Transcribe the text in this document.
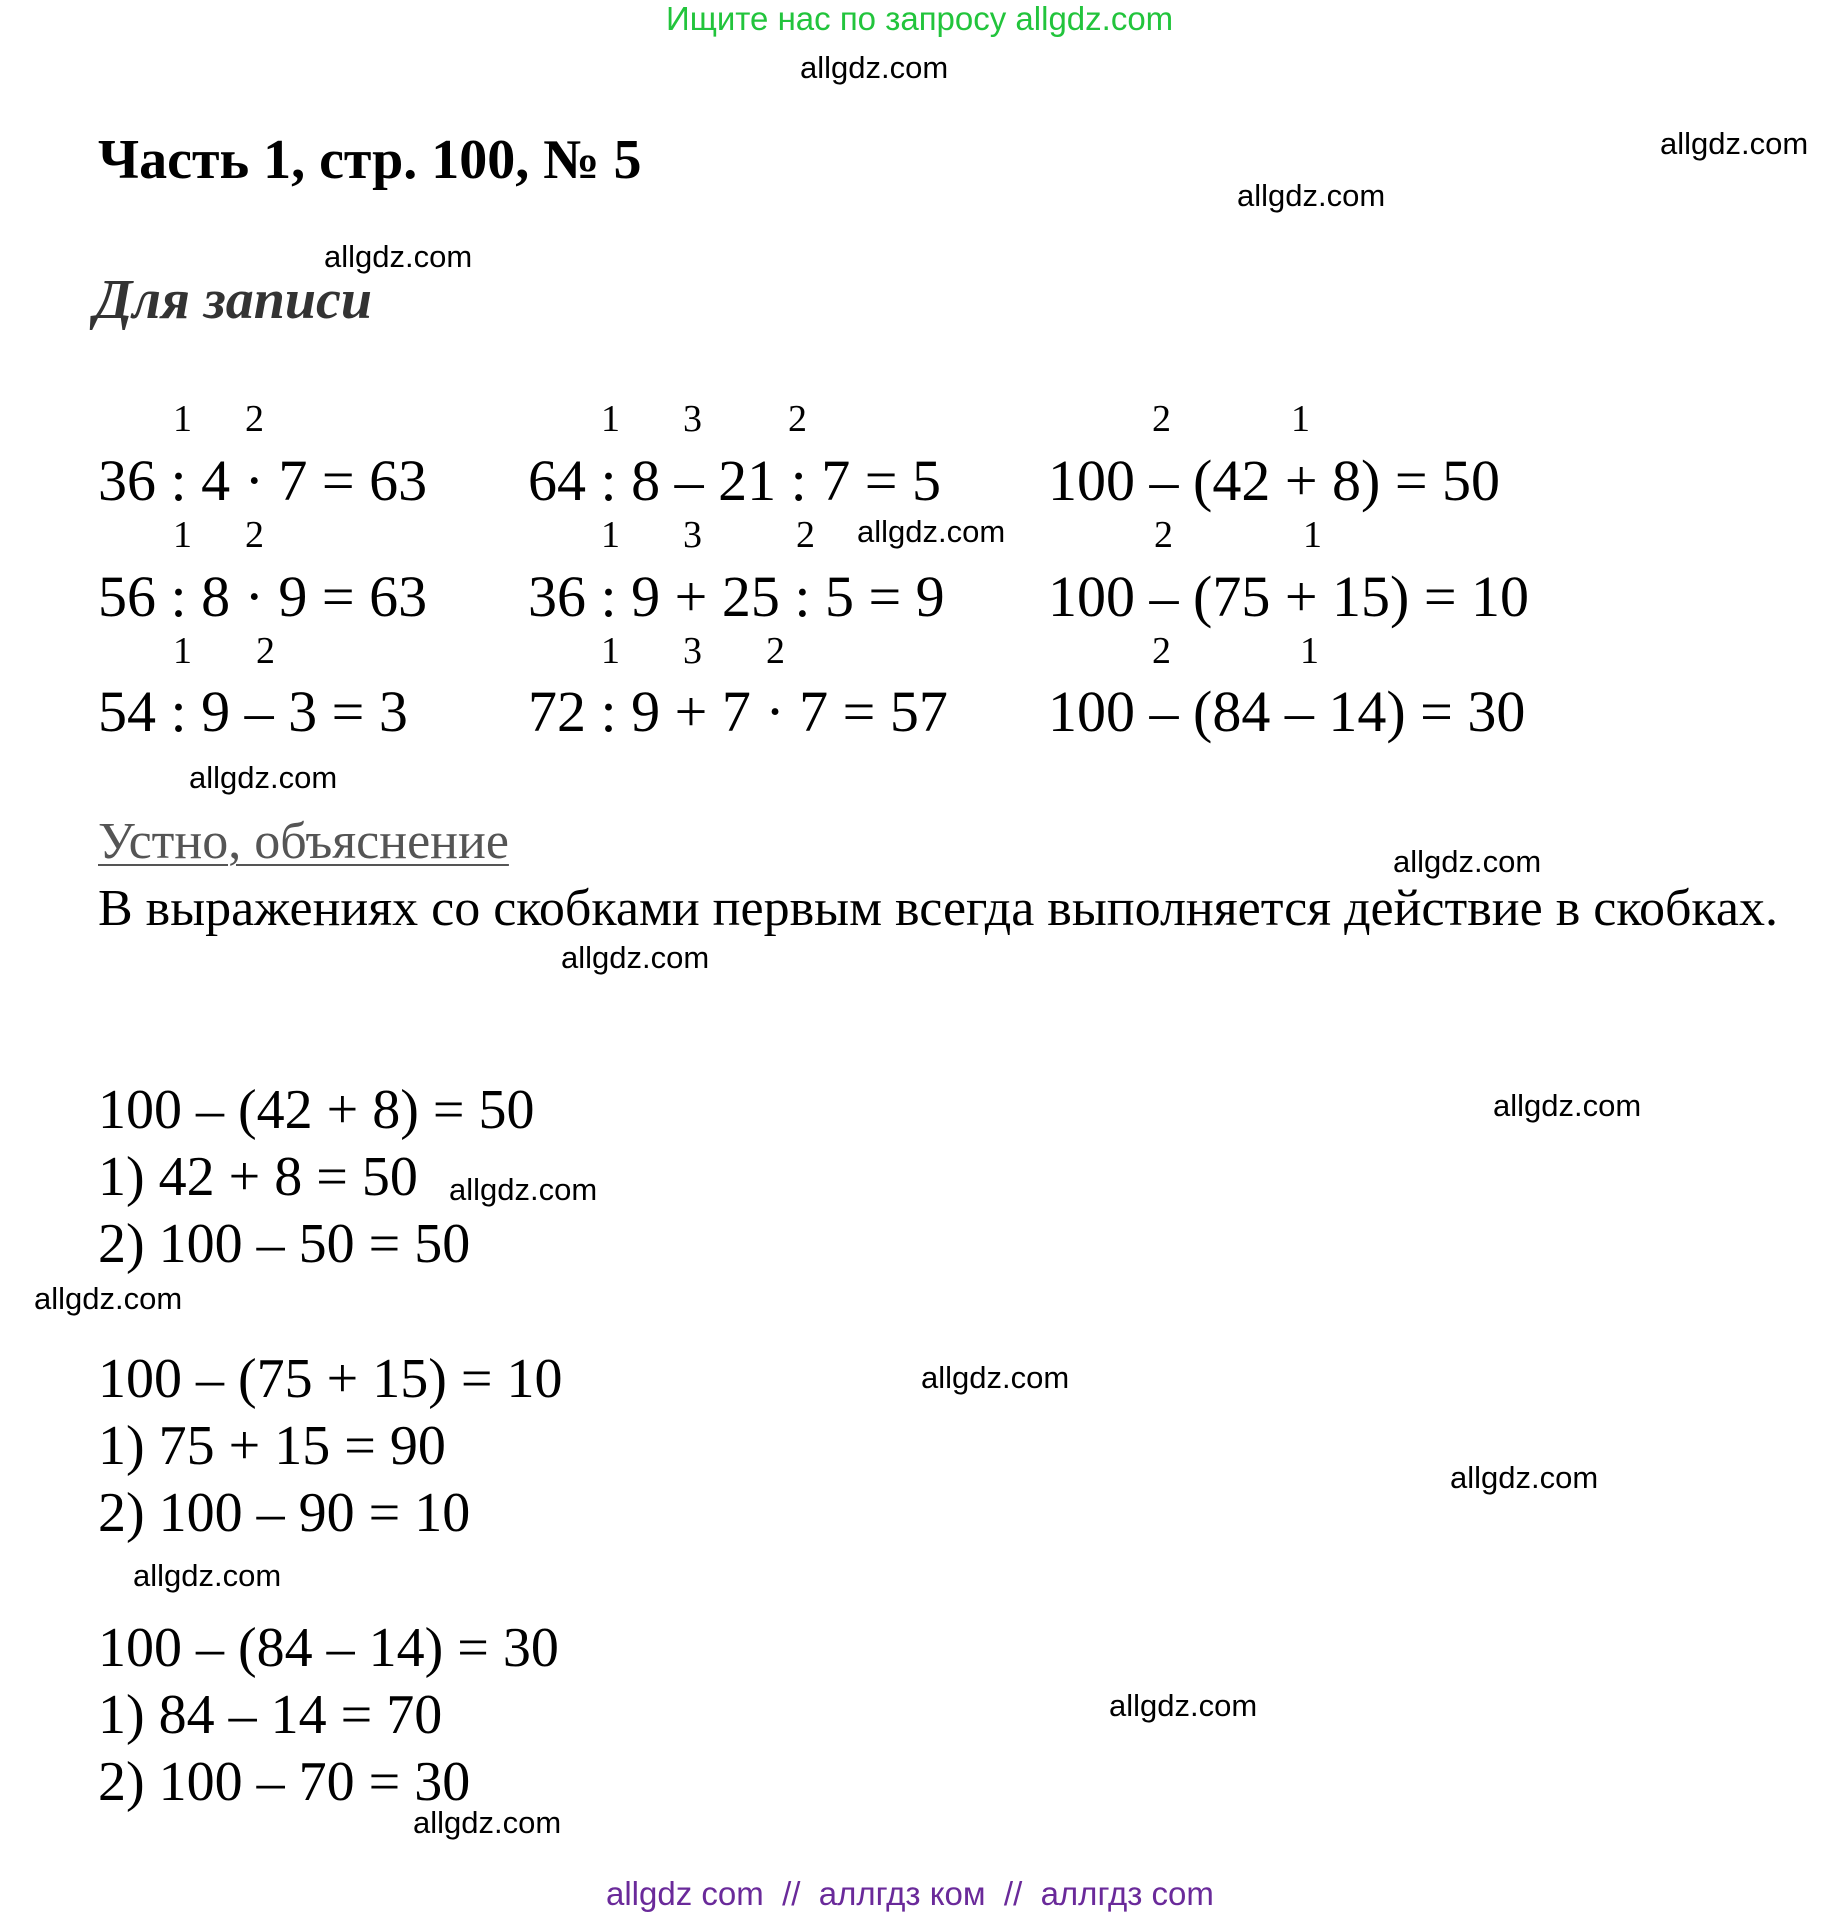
Ищите нас по запросу allgdz.com
Часть 1, стр. 100, № 5
Для записи
1 2
36 : 4 · 7 = 63
1 3 2
64 : 8 – 21 : 7 = 5
2	1
100 – (42 + 8) = 50
1 2
56 : 8 · 9 = 63
1 3 2
36 : 9 + 25 : 5 = 9
2	1
100 – (75 + 15) = 10
1 2
54 : 9 – 3 = 3
1 3 2
72 : 9 + 7 · 7 = 57
2	1
100 – (84 – 14) = 30
Устно, объяснение
В выражениях со скобками первым всегда выполняется действие в скобках.
100 – (42 + 8) = 50
1) 42 + 8 = 50
2) 100 – 50 = 50
100 – (75 + 15) = 10
1) 75 + 15 = 90
2) 100 – 90 = 10
100 – (84 – 14) = 30
1) 84 – 14 = 70
2) 100 – 70 = 30
allgdz.com
allgdz.com
allgdz.com
allgdz.com
allgdz.com
allgdz.com
allgdz.com
allgdz.com
allgdz.com
allgdz.com
allgdz.com
allgdz.com
allgdz.com
allgdz.com
allgdz.com
allgdz.com
allgdz com  //  аллгдз ком  //  аллгдз com
